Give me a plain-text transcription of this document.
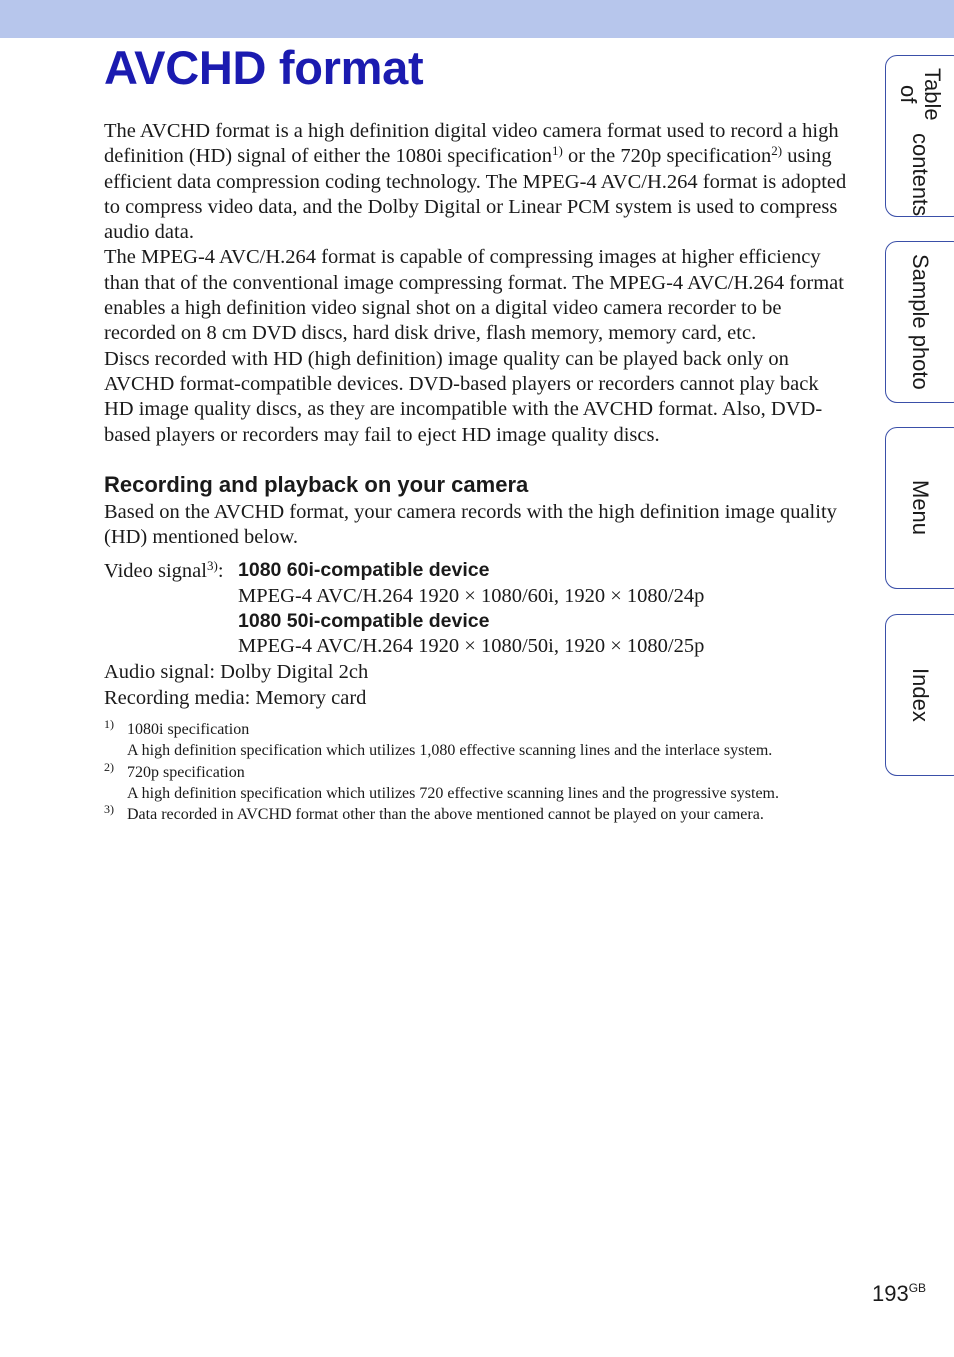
AVCHD format

The AVCHD format is a high definition digital video camera format used to record a high definition (HD) signal of either the 1080i specification$^{1)}$ or the 720p specification$^{2)}$ using efficient data compression coding technology. The MPEG-4 AVC/H.264 format is adopted to compress video data, and the Dolby Digital or Linear PCM system is used to compress audio data.

The MPEG-4 AVC/H.264 format is capable of compressing images at higher efficiency than that of the conventional image compressing format. The MPEG-4 AVC/H.264 format enables a high definition video signal shot on a digital video camera recorder to be recorded on 8 cm DVD discs, hard disk drive, flash memory, memory card, etc.

Discs recorded with HD (high definition) image quality can be played back only on AVCHD format-compatible devices. DVD-based players or recorders cannot play back HD image quality discs, as they are incompatible with the AVCHD format. Also, DVD-based players or recorders may fail to eject HD image quality discs.

Recording and playback on your camera
Based on the AVCHD format, your camera records with the high definition image quality (HD) mentioned below.
Video signal$^{3)}$: 1080 60i-compatible device
MPEG-4 AVC/H.264 1920 × 1080/60i, 1920 × 1080/24p
1080 50i-compatible device
MPEG-4 AVC/H.264 1920 × 1080/50i, 1920 × 1080/25p
Audio signal: Dolby Digital 2ch
Recording media: Memory card
1) 1080i specification
A high definition specification which utilizes 1,080 effective scanning lines and the interlace system.
2) 720p specification
A high definition specification which utilizes 720 effective scanning lines and the progressive system.
3) Data recorded in AVCHD format other than the above mentioned cannot be played on your camera.
Table of

contents
Sample photo
Menu
Index
$193^{GB}$
